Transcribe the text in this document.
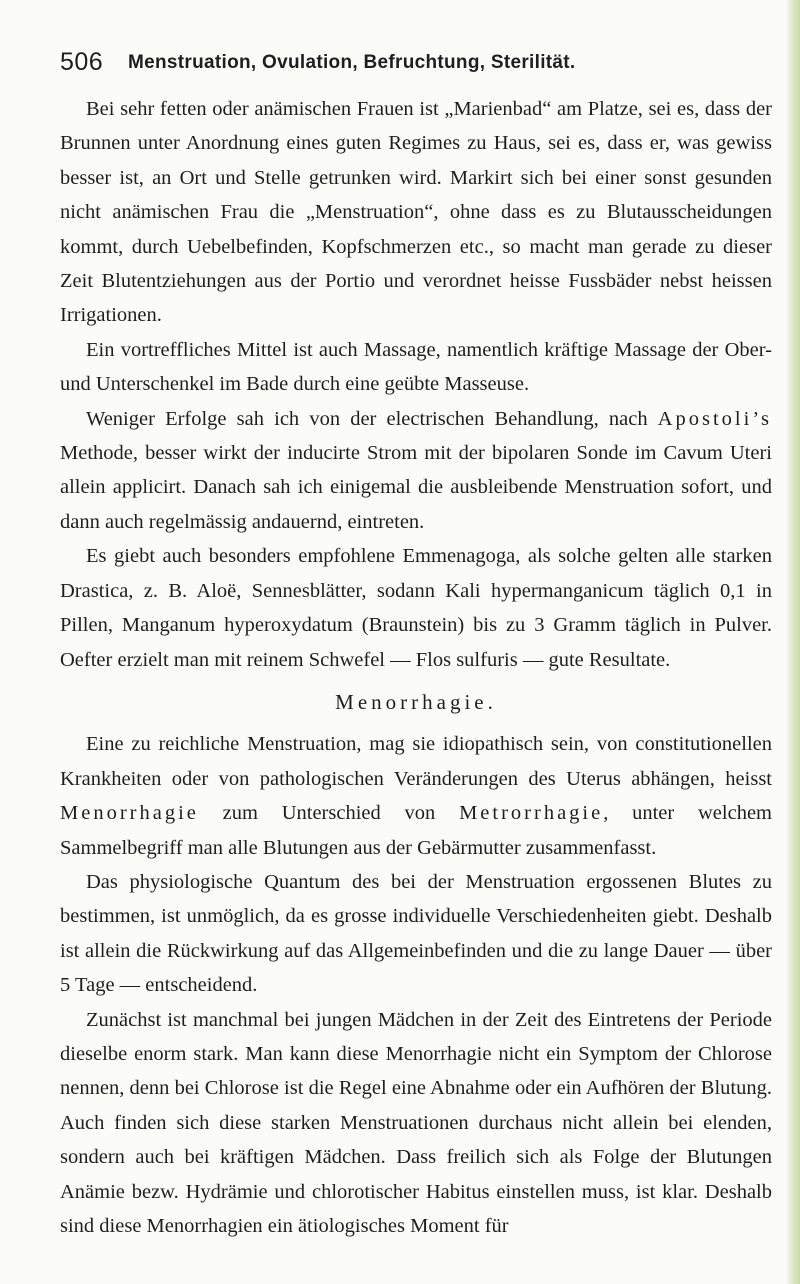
506 Menstruation, Ovulation, Befruchtung, Sterilität.

Bei sehr fetten oder anämischen Frauen ist „Marienbad“ am Platze, sei es, dass der Brunnen unter Anordnung eines guten Regimes zu Haus, sei es, dass er, was gewiss besser ist, an Ort und Stelle getrunken wird. Markirt sich bei einer sonst gesunden nicht anämischen Frau die „Menstruation“, ohne dass es zu Blutausscheidungen kommt, durch Uebelbefinden, Kopfschmerzen etc., so macht man gerade zu dieser Zeit Blutentziehungen aus der Portio und verordnet heisse Fussbäder nebst heissen Irrigationen.

Ein vortreffliches Mittel ist auch Massage, namentlich kräftige Massage der Ober- und Unterschenkel im Bade durch eine geübte Masseuse.

Weniger Erfolge sah ich von der electrischen Behandlung, nach Apostoli’s Methode, besser wirkt der inducirte Strom mit der bipolaren Sonde im Cavum Uteri allein applicirt. Danach sah ich einigemal die ausbleibende Menstruation sofort, und dann auch regelmässig andauernd, eintreten.

Es giebt auch besonders empfohlene Emmenagoga, als solche gelten alle starken Drastica, z. B. Aloë, Sennesblätter, sodann Kali hypermanganicum täglich 0,1 in Pillen, Manganum hyperoxydatum (Braunstein) bis zu 3 Gramm täglich in Pulver. Oefter erzielt man mit reinem Schwefel — Flos sulfuris — gute Resultate.

Menorrhagie.

Eine zu reichliche Menstruation, mag sie idiopathisch sein, von constitutionellen Krankheiten oder von pathologischen Veränderungen des Uterus abhängen, heisst Menorrhagie zum Unterschied von Metrorrhagie, unter welchem Sammelbegriff man alle Blutungen aus der Gebärmutter zusammenfasst.

Das physiologische Quantum des bei der Menstruation ergossenen Blutes zu bestimmen, ist unmöglich, da es grosse individuelle Verschiedenheiten giebt. Deshalb ist allein die Rückwirkung auf das Allgemeinbefinden und die zu lange Dauer — über 5 Tage — entscheidend.

Zunächst ist manchmal bei jungen Mädchen in der Zeit des Eintretens der Periode dieselbe enorm stark. Man kann diese Menorrhagie nicht ein Symptom der Chlorose nennen, denn bei Chlorose ist die Regel eine Abnahme oder ein Aufhören der Blutung. Auch finden sich diese starken Menstruationen durchaus nicht allein bei elenden, sondern auch bei kräftigen Mädchen. Dass freilich sich als Folge der Blutungen Anämie bezw. Hydrämie und chlorotischer Habitus einstellen muss, ist klar. Deshalb sind diese Menorrhagien ein ätiologisches Moment für
